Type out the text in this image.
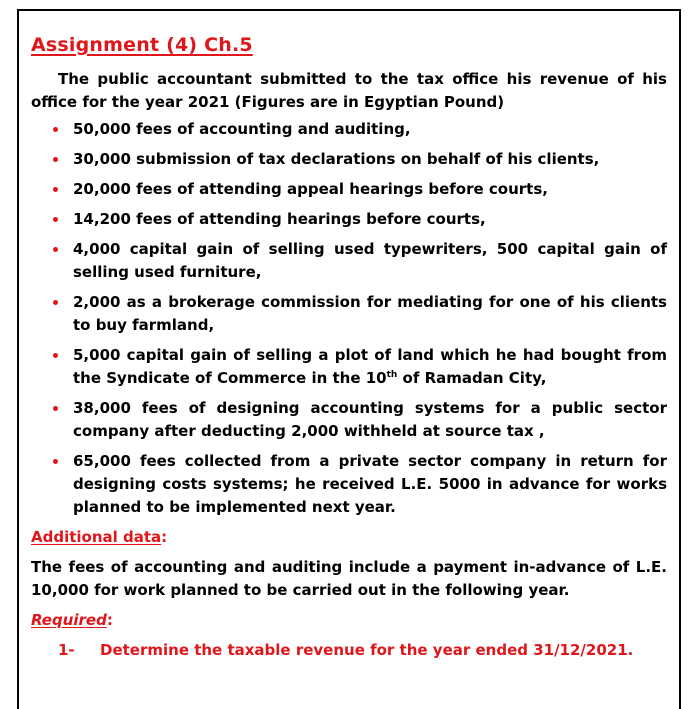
Assignment (4) Ch.5

The public accountant submitted to the tax office his revenue of his office for the year 2021 (Figures are in Egyptian Pound)

50,000 fees of accounting and auditing,
30,000 submission of tax declarations on behalf of his clients,
20,000 fees of attending appeal hearings before courts,
14,200 fees of attending hearings before courts,
4,000 capital gain of selling used typewriters, 500 capital gain of selling used furniture,
2,000 as a brokerage commission for mediating for one of his clients to buy farmland,
5,000 capital gain of selling a plot of land which he had bought from the Syndicate of Commerce in the 10th of Ramadan City,
38,000 fees of designing accounting systems for a public sector company after deducting 2,000 withheld at source tax ,
65,000 fees collected from a private sector company in return for designing costs systems; he received L.E. 5000 in advance for works planned to be implemented next year.
Additional data:

The fees of accounting and auditing include a payment in-advance of L.E. 10,000 for work planned to be carried out in the following year.

Required:
1- Determine the taxable revenue for the year ended 31/12/2021.
